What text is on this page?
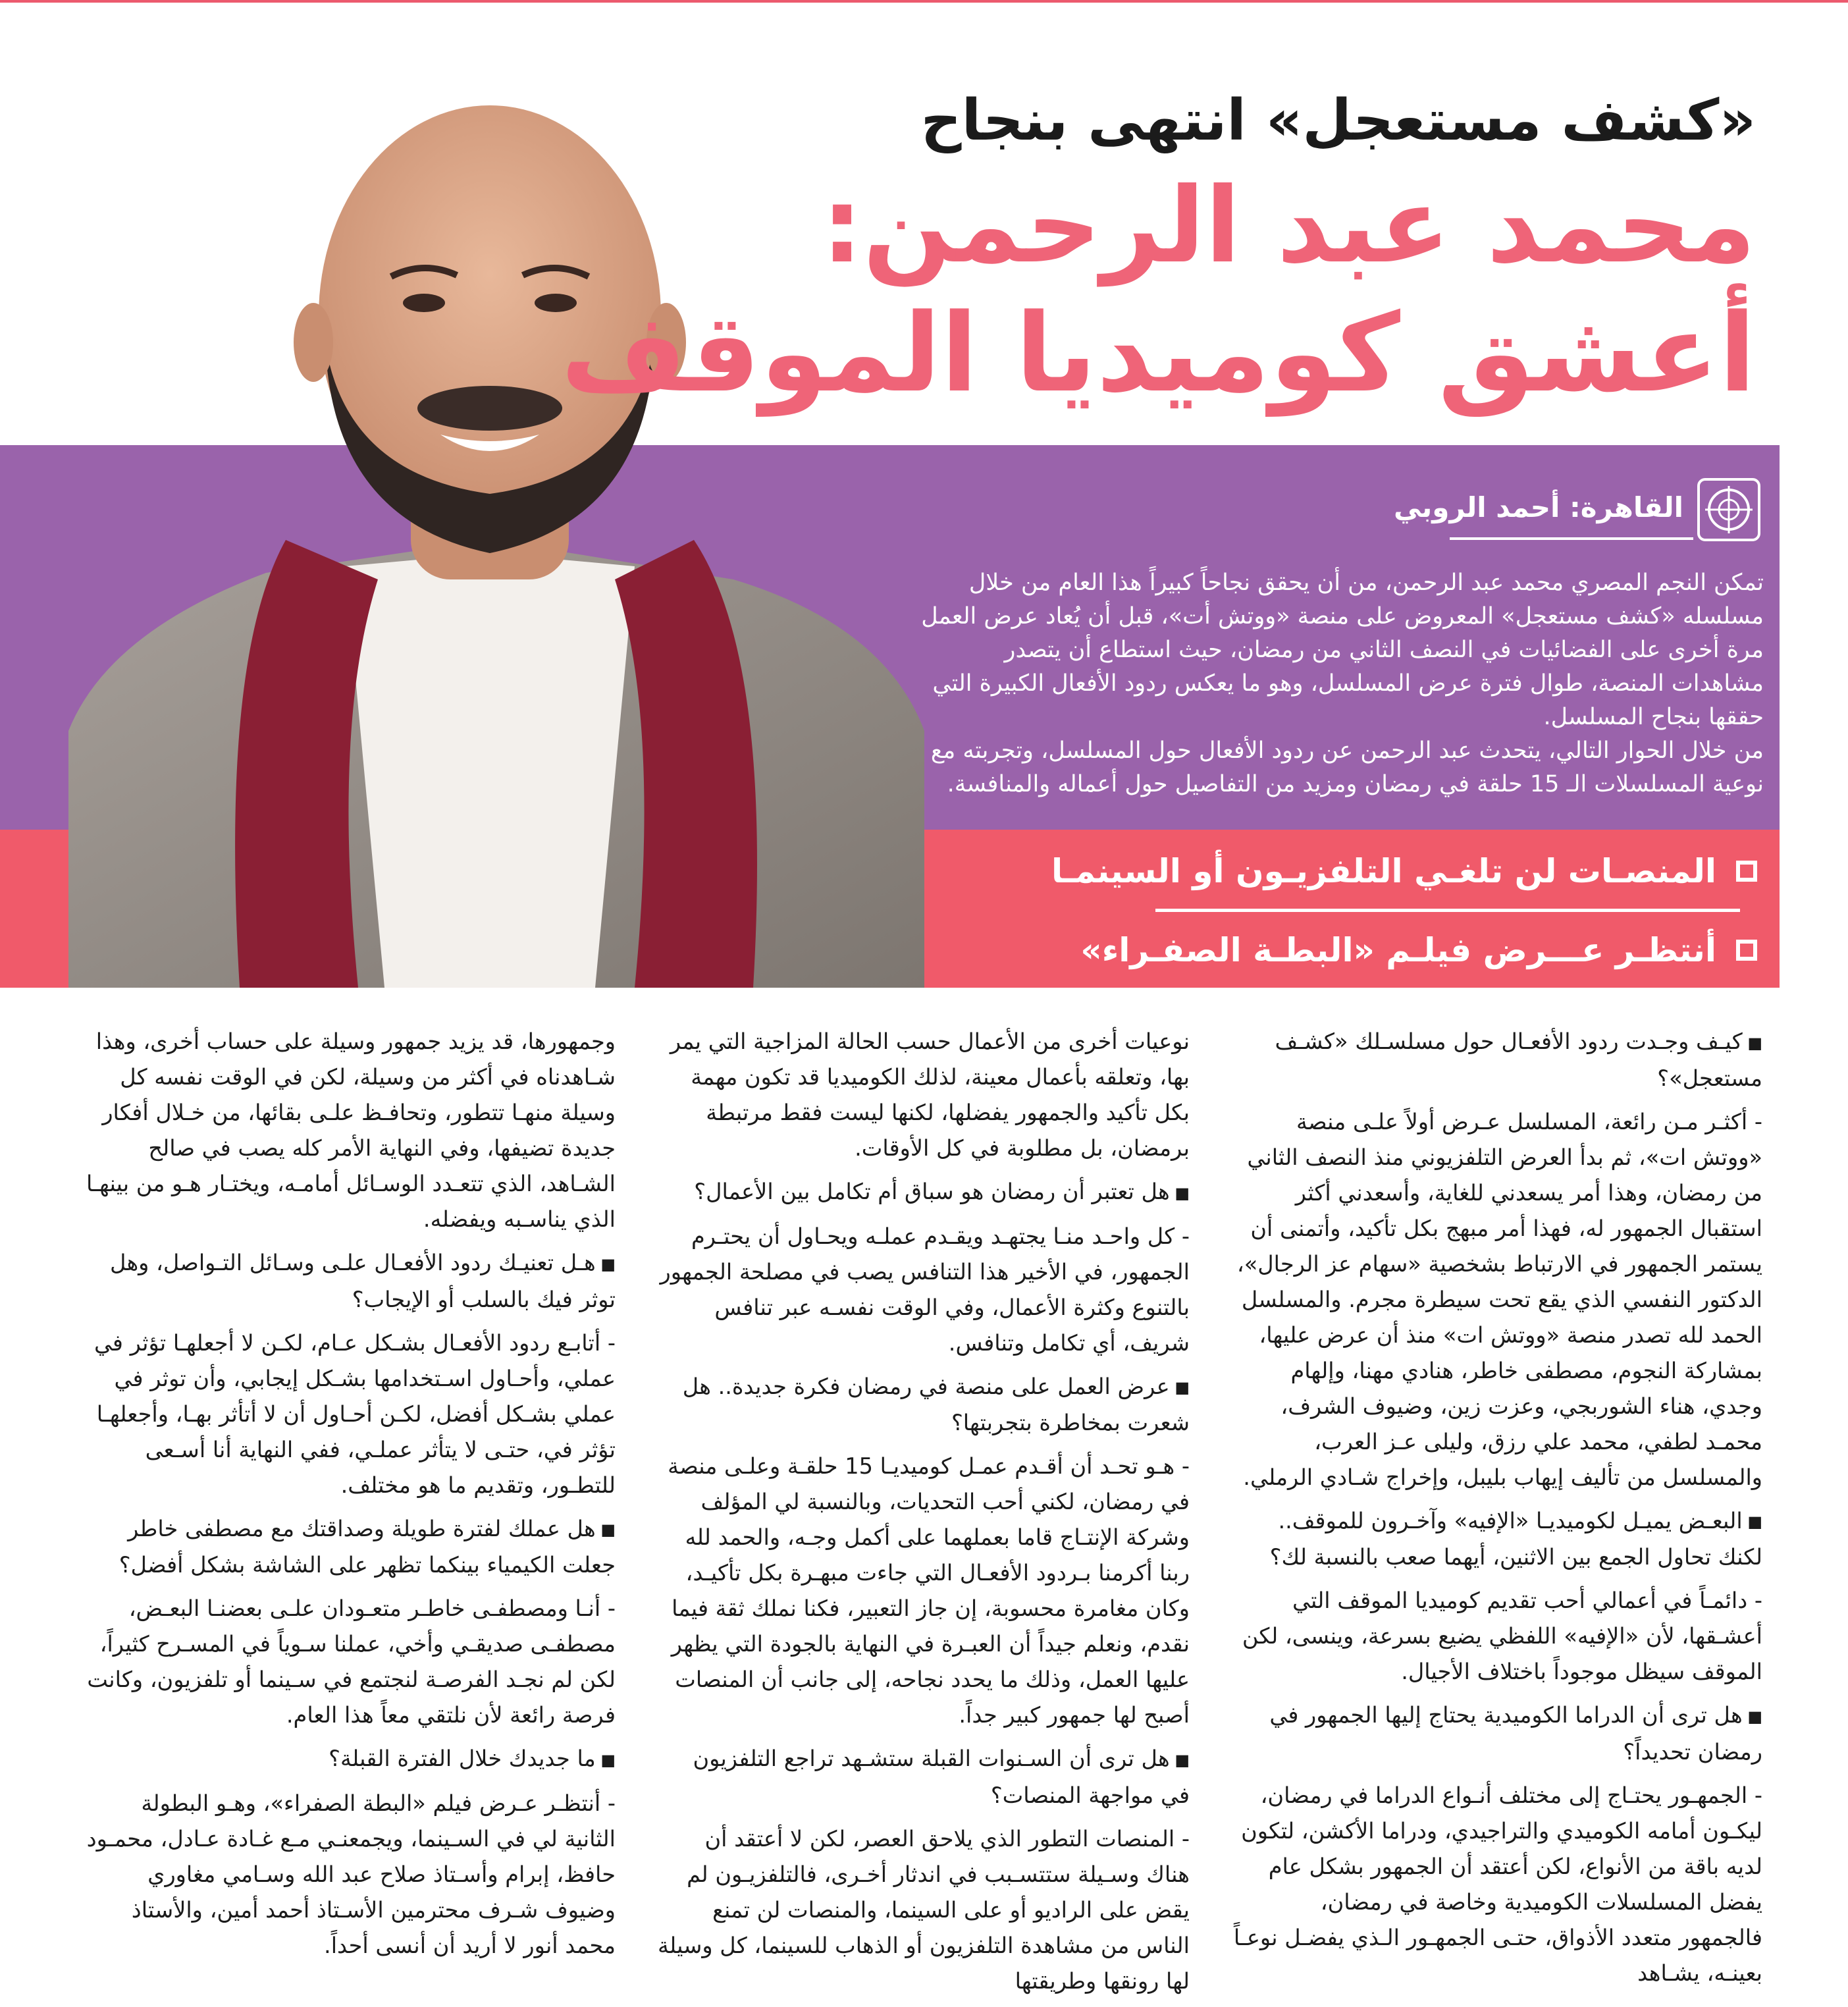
«كشف مستعجل» انتهى بنجاح
محمد عبد الرحمن:
أعشق كوميديا الموقف
القاهرة: أحمد الروبي

تمكن النجم المصري محمد عبد الرحمن، من أن يحقق نجاحاً كبيراً هذا العام من خلال مسلسله «كشف مستعجل» المعروض على منصة «ووتش أت»، قبل أن يُعاد عرض العمل مرة أخرى على الفضائيات في النصف الثاني من رمضان، حيث استطاع أن يتصدر مشاهدات المنصة، طوال فترة عرض المسلسل، وهو ما يعكس ردود الأفعال الكبيرة التي حققها بنجاح المسلسل.

من خلال الحوار التالي، يتحدث عبد الرحمن عن ردود الأفعال حول المسلسل، وتجربته مع نوعية المسلسلات الـ 15 حلقة في رمضان ومزيد من التفاصيل حول أعماله والمنافسة.

المنصـات لن تلغـي التلفزيـون أو السينمـا
أنتظـر عـــرض فيلـم «البطـة الصفـراء»

■ كيـف وجـدت ردود الأفعـال حول مسلسـلك «كشـف مستعجل»؟

- أكثـر مـن رائعة، المسلسل عـرض أولاً علـى منصة «ووتش ات»، ثم بدأ العرض التلفزيوني منذ النصف الثاني من رمضان، وهذا أمر يسعدني للغاية، وأسعدني أكثر استقبال الجمهور له، فهذا أمر مبهج بكل تأكيد، وأتمنى أن يستمر الجمهور في الارتباط بشخصية «سهام عز الرجال»، الدكتور النفسي الذي يقع تحت سيطرة مجرم. والمسلسل الحمد لله تصدر منصة «ووتش ات» منذ أن عرض عليها، بمشاركة النجوم، مصطفى خاطر، هنادي مهنا، وإلهام وجدي، هناء الشوربجي، وعزت زين، وضيوف الشرف، محمـد لطفي، محمد علي رزق، وليلى عـز العرب، والمسلسل من تأليف إيهاب بليبل، وإخراج شـادي الرملي.

■ البعـض يميـل لكوميديـا «الإفيه» وآخـرون للموقف.. لكنك تحاول الجمع بين الاثنين، أيهما صعب بالنسبة لك؟

- دائمـاً في أعمالي أحب تقديم كوميديا الموقف التي أعشـقها، لأن «الإفيه» اللفظي يضيع بسرعة، وينسى، لكن الموقف سيظل موجوداً باختلاف الأجيال.

■ هل ترى أن الدراما الكوميدية يحتاج إليها الجمهور في رمضان تحديداً؟

- الجمهـور يحتـاج إلى مختلف أنـواع الدراما في رمضان، ليكـون أمامه الكوميدي والتراجيدي، ودراما الأكشن، لتكون لديه باقة من الأنواع، لكن أعتقد أن الجمهور بشكل عام يفضل المسلسلات الكوميدية وخاصة في رمضان، فالجمهور متعدد الأذواق، حتـى الجمهـور الـذي يفضـل نوعـاً بعينـه، يشـاهد

نوعيات أخرى من الأعمال حسب الحالة المزاجية التي يمر بها، وتعلقه بأعمال معينة، لذلك الكوميديا قد تكون مهمة بكل تأكيد والجمهور يفضلها، لكنها ليست فقط مرتبطة برمضان، بل مطلوبة في كل الأوقات.

■ هل تعتبر أن رمضان هو سباق أم تكامل بين الأعمال؟

- كل واحـد منـا يجتهـد ويقـدم عملـه ويحـاول أن يحتـرم الجمهور، في الأخير هذا التنافس يصب في مصلحة الجمهور بالتنوع وكثرة الأعمال، وفي الوقت نفسـه عبر تنافس شريف، أي تكامل وتنافس.

■ عرض العمل على منصة في رمضان فكرة جديدة.. هل شعرت بمخاطرة بتجربتها؟

- هـو تحـد أن أقـدم عمـل كوميديـا 15 حلقـة وعلـى منصة في رمضان، لكني أحب التحديات، وبالنسبة لي المؤلف وشركة الإنتـاج قاما بعملهما على أكمل وجـه، والحمد لله ربنا أكرمنا بـردود الأفعـال التي جاءت مبهـرة بكل تأكيـد، وكان مغامرة محسوبة، إن جاز التعبير، فكنا نملك ثقة فيما نقدم، ونعلم جيداً أن العبـرة في النهاية بالجودة التي يظهر عليها العمل، وذلك ما يحدد نجاحه، إلى جانب أن المنصات أصبح لها جمهور كبير جداً.

■ هل ترى أن السـنوات القبلة ستشـهد تراجع التلفزيون في مواجهة المنصات؟

- المنصات التطور الذي يلاحق العصر، لكن لا أعتقد أن هناك وسـيلة ستتسـبب في اندثار أخـرى، فالتلفزيـون لم يقض على الراديو أو على السينما، والمنصات لن تمنع الناس من مشاهدة التلفزيون أو الذهاب للسينما، كل وسيلة لها رونقها وطريقتها

وجمهورها، قد يزيد جمهور وسيلة على حساب أخرى، وهذا شـاهدناه في أكثر من وسيلة، لكن في الوقت نفسه كل وسيلة منهـا تتطور، وتحافـظ علـى بقائها، من خـلال أفكار جديدة تضيفها، وفي النهاية الأمر كله يصب في صالح الشـاهد، الذي تتعـدد الوسـائل أمامـه، ويختـار هـو من بينهـا الذي يناسـبه ويفضله.

■ هـل تعنيـك ردود الأفعـال علـى وسـائل التـواصل، وهل توثر فيك بالسلب أو الإيجاب؟

- أتابـع ردود الأفعـال بشـكل عـام، لكـن لا أجعلهـا تؤثر في عملي، وأحـاول اسـتخدامها بشـكل إيجابي، وأن توثر في عملي بشـكل أفضل، لكـن أحـاول أن لا أتأثر بهـا، وأجعلهـا تؤثر في، حتـى لا يتأثر عملـي، ففي النهاية أنا أسـعى للتطـور، وتقديم ما هو مختلف.

■ هل عملك لفترة طويلة وصداقتك مع مصطفى خاطر جعلت الكيمياء بينكما تظهر على الشاشة بشكل أفضل؟

- أنـا ومصطفـى خاطـر متعـودان علـى بعضنـا البعـض، مصطفـى صديقـي وأخي، عملنا سـوياً في المسـرح كثيراً، لكن لم نجـد الفرصـة لنجتمع في سـينما أو تلفزيون، وكانت فرصة رائعة لأن نلتقي معاً هذا العام.

■ ما جديدك خلال الفترة القبلة؟

- أنتظـر عـرض فيلم «البطة الصفراء»، وهـو البطولة الثانية لي في السـينما، ويجمعنـي مـع غـادة عـادل، محمـود حافظ، إبرام وأسـتاذ صلاح عبد الله وسـامي مغاوري وضيوف شـرف محترمين الأسـتاذ أحمد أمين، والأستاذ محمد أنور لا أريد أن أنسى أحداً.
